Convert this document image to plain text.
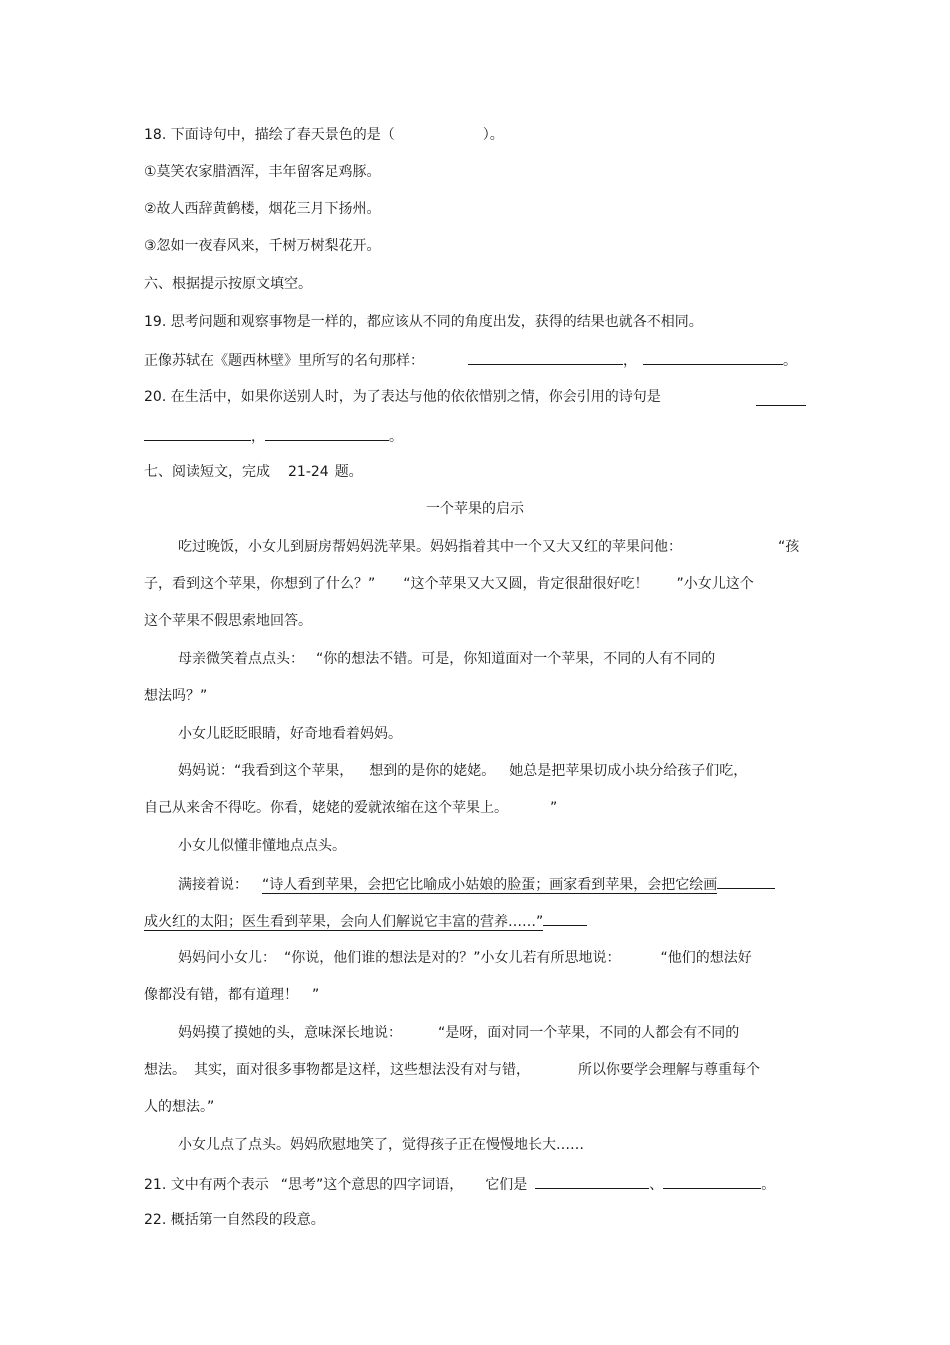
18. 下面诗句中，描绘了春天景色的是（	）。
①莫笑农家腊酒浑，丰年留客足鸡豚。
②故人西辞黄鹤楼，烟花三月下扬州。
③忽如一夜春风来，千树万树梨花开。
六、根据提示按原文填空。
19. 思考问题和观察事物是一样的，都应该从不同的角度出发，获得的结果也就各不相同。
正像苏轼在《题西林壁》里所写的名句那样：	，	。
20. 在生活中，如果你送别人时，为了表达与他的依依惜别之情，你会引用的诗句是
，	。
七、阅读短文，完成 21-24 题。
一个苹果的启示
吃过晚饭，小女儿到厨房帮妈妈洗苹果。妈妈指着其中一个又大又红的苹果问他：	“孩
子，看到这个苹果，你想到了什么？” “这个苹果又大又圆，肯定很甜很好吃！ ”小女儿这个
这个苹果不假思索地回答。
母亲微笑着点点头： “你的想法不错。可是，你知道面对一个苹果，不同的人有不同的
想法吗？”
小女儿眨眨眼睛，好奇地看着妈妈。
妈妈说：“我看到这个苹果， 想到的是你的姥姥。 她总是把苹果切成小块分给孩子们吃，
自己从来舍不得吃。你看，姥姥的爱就浓缩在这个苹果上。	”
小女儿似懂非懂地点点头。
满接着说： “诗人看到苹果，会把它比喻成小姑娘的脸蛋；画家看到苹果，会把它绘画
成火红的太阳；医生看到苹果，会向人们解说它丰富的营养……”
妈妈问小女儿： “你说，他们谁的想法是对的？”小女儿若有所思地说：	“他们的想法好
像都没有错，都有道理！ ”
妈妈摸了摸她的头，意味深长地说：	“是呀，面对同一个苹果，不同的人都会有不同的
想法。 其实，面对很多事物都是这样，这些想法没有对与错，	所以你要学会理解与尊重每个
人的想法。”
小女儿点了点头。妈妈欣慰地笑了，觉得孩子正在慢慢地长大……
21. 文中有两个表示 “思考”这个意思的四字词语， 它们是	、	。
22. 概括第一自然段的段意。
